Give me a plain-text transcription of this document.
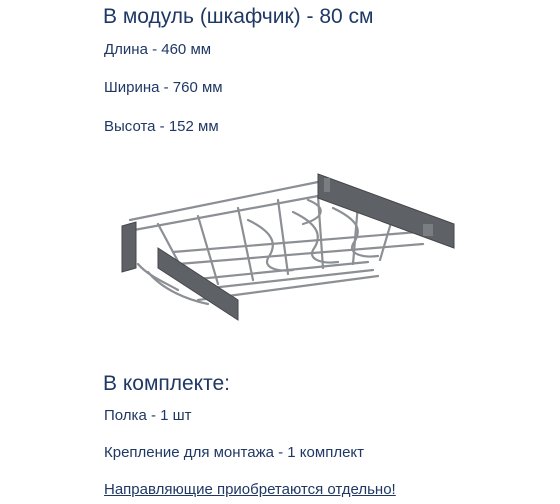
В модуль (шкафчик) - 80 см
Длина - 460 мм
Ширина - 760 мм
Высота - 152 мм
В комплекте:
Полка - 1 шт
Крепление для монтажа - 1 комплект
Направляющие приобретаются отдельно!
